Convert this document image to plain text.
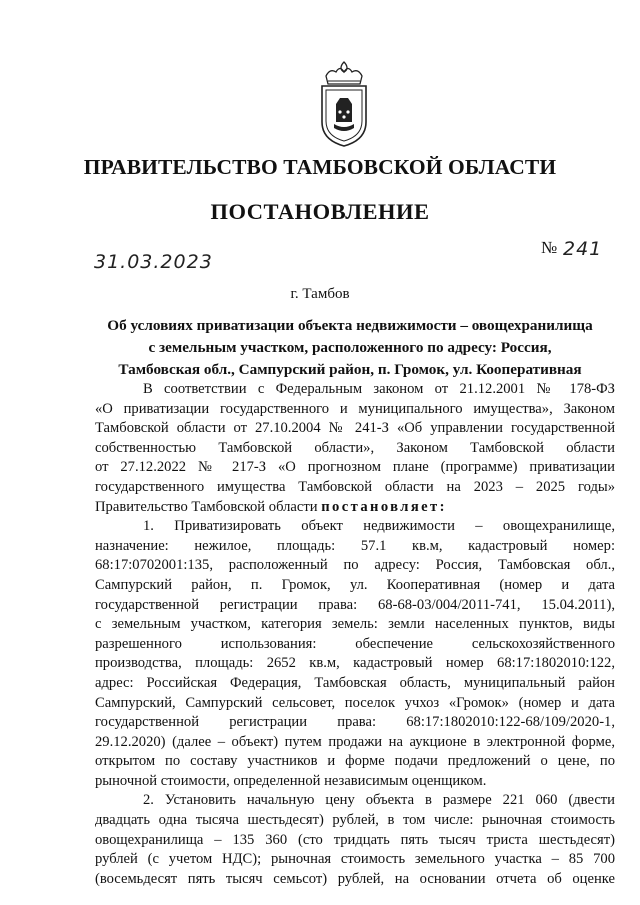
ПРАВИТЕЛЬСТВО ТАМБОВСКОЙ ОБЛАСТИ
ПОСТАНОВЛЕНИЕ
31.03.2023
№ 241
г. Тамбов
Об условиях приватизации объекта недвижимости – овощехранилища
с земельным участком, расположенного по адресу: Россия,
Тамбовская обл., Сампурский район, п. Громок, ул. Кооперативная
В соответствии с Федеральным законом от 21.12.2001 № 178-ФЗ
«О приватизации государственного и муниципального имущества», Законом
Тамбовской области от 27.10.2004 № 241-З «Об управлении государственной
собственностью Тамбовской области», Законом Тамбовской области
от 27.12.2022 № 217-З «О прогнозном плане (программе) приватизации
государственного имущества Тамбовской области на 2023 – 2025 годы»
Правительство Тамбовской области постановляет:
1. Приватизировать объект недвижимости – овощехранилище,
назначение: нежилое, площадь: 57.1 кв.м, кадастровый номер:
68:17:0702001:135, расположенный по адресу: Россия, Тамбовская обл.,
Сампурский район, п. Громок, ул. Кооперативная (номер и дата
государственной регистрации права: 68-68-03/004/2011-741, 15.04.2011),
с земельным участком, категория земель: земли населенных пунктов, виды
разрешенного использования: обеспечение сельскохозяйственного
производства, площадь: 2652 кв.м, кадастровый номер 68:17:1802010:122,
адрес: Российская Федерация, Тамбовская область, муниципальный район
Сампурский, Сампурский сельсовет, поселок учхоз «Громок» (номер и дата
государственной регистрации права: 68:17:1802010:122-68/109/2020-1,
29.12.2020) (далее – объект) путем продажи на аукционе в электронной форме,
открытом по составу участников и форме подачи предложений о цене, по
рыночной стоимости, определенной независимым оценщиком.
2. Установить начальную цену объекта в размере 221 060 (двести
двадцать одна тысяча шестьдесят) рублей, в том числе: рыночная стоимость
овощехранилища – 135 360 (сто тридцать пять тысяч триста шестьдесят)
рублей (с учетом НДС); рыночная стоимость земельного участка – 85 700
(восемьдесят пять тысяч семьсот) рублей, на основании отчета об оценке
